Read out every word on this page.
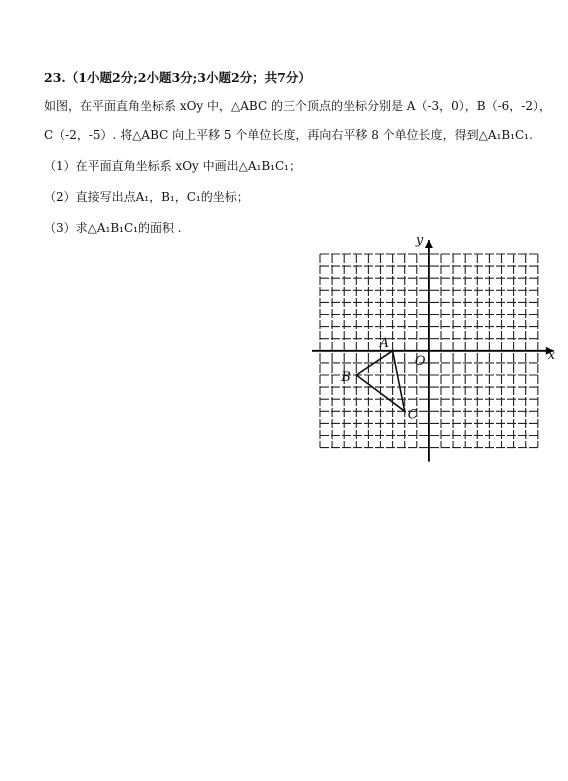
23.（1小题2分;2小题3分;3小题2分；共7分）
如图，在平面直角坐标系 xOy 中，△ABC 的三个顶点的坐标分别是 A（-3，0），B（-6，-2），
C（-2，-5）. 将△ABC 向上平移 5 个单位长度，再向右平移 8 个单位长度，得到△A₁B₁C₁.
（1）在平面直角坐标系 xOy 中画出△A₁B₁C₁；
（2）直接写出点A₁，B₁，C₁的坐标；
（3）求△A₁B₁C₁的面积 .
A
B
C
O	x
y
